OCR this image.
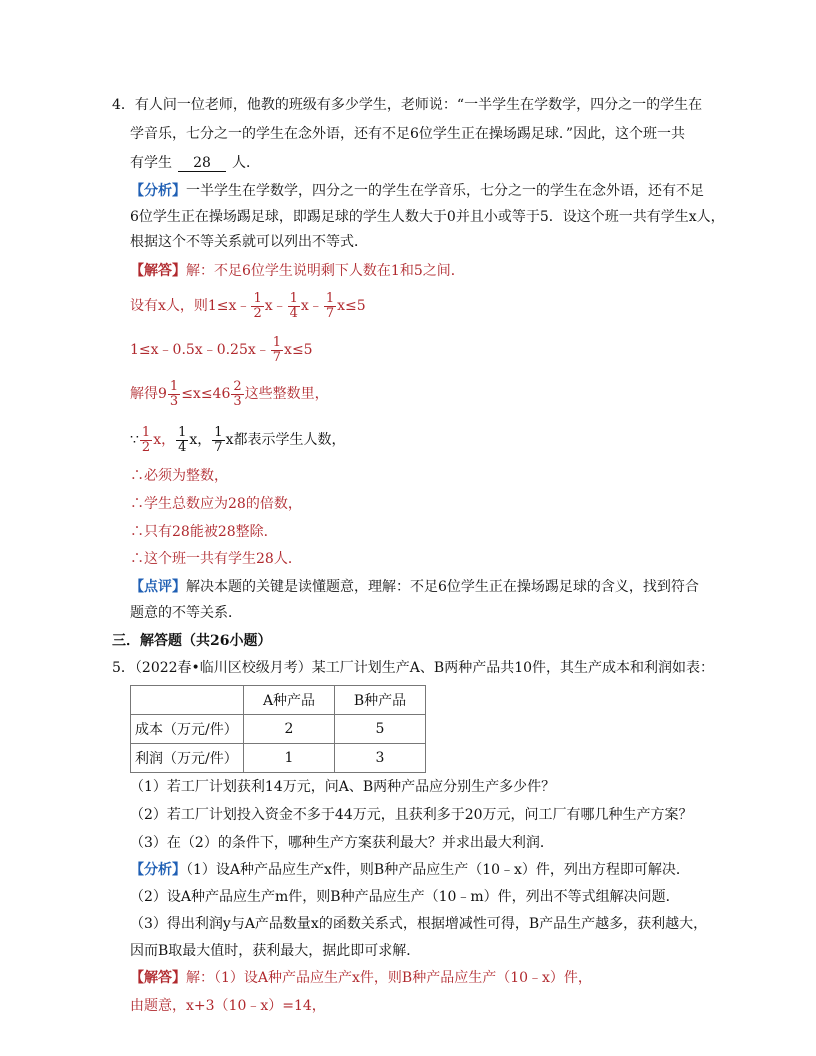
4．有人问一位老师，他教的班级有多少学生，老师说：“一半学生在学数学，四分之一的学生在
学音乐，七分之一的学生在念外语，还有不足6位学生正在操场踢足球．”因此，这个班一共
有学生 28 人．
【分析】一半学生在学数学，四分之一的学生在学音乐，七分之一的学生在念外语，还有不足
6位学生正在操场踢足球，即踢足球的学生人数大于0并且小或等于5．设这个班一共有学生x人，
根据这个不等关系就可以列出不等式．
【解答】解：不足6位学生说明剩下人数在1和5之间．
设有x人，则1≤x﹣ $\frac{1}{2}$ x﹣ $\frac{1}{4}$ x﹣ $\frac{1}{7} x\le 5$
1≤x﹣0.5x﹣0.25x﹣ $\frac{1}{7} x\le 5$
解得$9 \frac{1}{3} \le x\le 46 \frac{2}{3}$ 这些整数里，
∵ $\frac{1}{2}$ x， $\frac{1}{4}$ x， $\frac{1}{7}$ x都表示学生人数，
∴必须为整数，
∴学生总数应为28的倍数，
∴只有28能被28整除．
∴这个班一共有学生28人．
【点评】解决本题的关键是读懂题意，理解：不足6位学生正在操场踢足球的含义，找到符合
题意的不等关系．
三．解答题（共26小题）
5．（2022春•临川区校级月考）某工厂计划生产A、B两种产品共10件，其生产成本和利润如表：
	A种产品	B种产品
成本（万元/件）	2	5
利润（万元/件）	1	3
（1）若工厂计划获利14万元，问A、B两种产品应分别生产多少件？
（2）若工厂计划投入资金不多于44万元，且获利多于20万元，问工厂有哪几种生产方案？
（3）在（2）的条件下，哪种生产方案获利最大？并求出最大利润．
【分析】（1）设A种产品应生产x件，则B种产品应生产（10﹣x）件，列出方程即可解决．
（2）设A种产品应生产m件，则B种产品应生产（10﹣m）件，列出不等式组解决问题．
（3）得出利润y与A产品数量x的函数关系式，根据增减性可得，B产品生产越多，获利越大，
因而B取最大值时，获利最大，据此即可求解．
【解答】解：（1）设A种产品应生产x件，则B种产品应生产（10﹣x）件，
由题意，x+3（10﹣x）=14，
